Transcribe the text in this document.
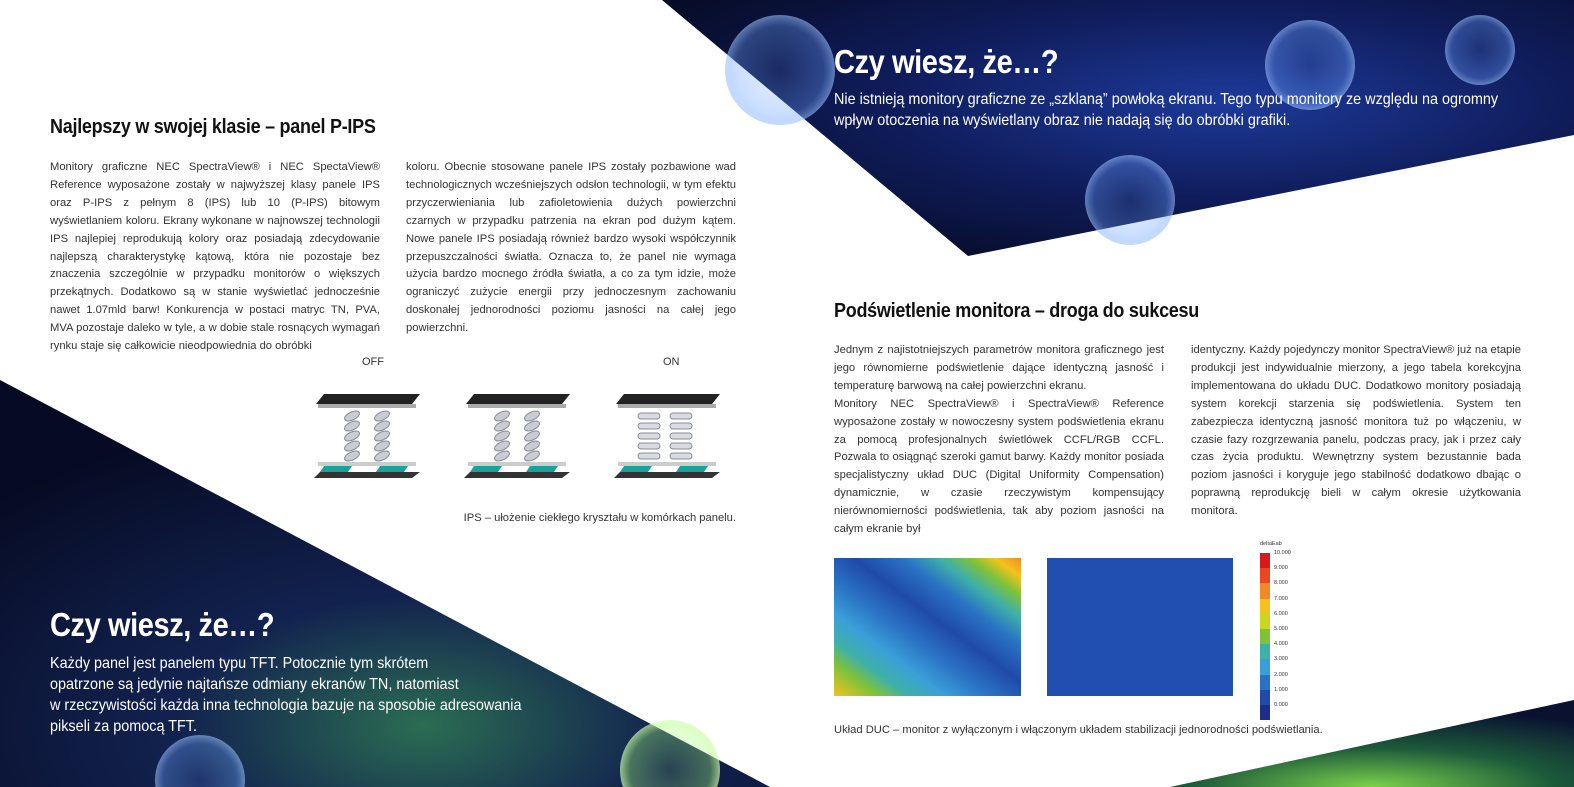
Najlepszy w swojej klasie – panel P-IPS
Monitory graficzne NEC SpectraView® i NEC SpectaView® Reference wyposażone zostały w najwyższej klasy panele IPS oraz P-IPS z pełnym 8 (IPS) lub 10 (P-IPS) bitowym wyświetlaniem koloru. Ekrany wykonane w najnowszej technologii IPS najlepiej reprodukują kolory oraz posiadają zdecydowanie najlepszą charakterystykę kątową, która nie pozostaje bez znaczenia szczególnie w przypadku monitorów o większych przekątnych. Dodatkowo są w stanie wyświetlać jednocześnie nawet 1.07mld barw! Konkurencja w postaci matryc TN, PVA, MVA pozostaje daleko w tyle, a w dobie stale rosnących wymagań rynku staje się całkowicie nieodpowiednia do obróbki
koloru. Obecnie stosowane panele IPS zostały pozbawione wad technologicznych wcześniejszych odsłon technologii, w tym efektu przyczerwieniania lub zafioletowienia dużych powierzchni czarnych w przypadku patrzenia na ekran pod dużym kątem. Nowe panele IPS posiadają również bardzo wysoki współczynnik przepuszczalności światła. Oznacza to, że panel nie wymaga użycia bardzo mocnego źródła światła, a co za tym idzie, może ograniczyć zużycie energii przy jednoczesnym zachowaniu doskonałej jednorodności poziomu jasności na całej jego powierzchni.
OFF	ON
IPS – ułożenie ciekłego kryształu w komórkach panelu.
Czy wiesz, że…?
Każdy panel jest panelem typu TFT. Potocznie tym skrótem
opatrzone są jedynie najtańsze odmiany ekranów TN, natomiast
w rzeczywistości każda inna technologia bazuje na sposobie adresowania
pikseli za pomocą TFT.
Czy wiesz, że…?
Nie istnieją monitory graficzne ze „szklaną” powłoką ekranu. Tego typu monitory ze względu na ogromny
wpływ otoczenia na wyświetlany obraz nie nadają się do obróbki grafiki.
Podświetlenie monitora – droga do sukcesu
Jednym z najistotniejszych parametrów monitora graficznego jest jego równomierne podświetlenie dające identyczną jasność i temperaturę barwową na całej powierzchni ekranu.
Monitory NEC SpectraView® i SpectraView® Reference wyposażone zostały w nowoczesny system podświetlenia ekranu za pomocą profesjonalnych świetlówek CCFL/RGB CCFL. Pozwala to osiągnąć szeroki gamut barwy. Każdy monitor posiada specjalistyczny układ DUC (Digital Uniformity Compensation) dynamicznie, w czasie rzeczywistym kompensujący nierównomierności podświetlenia, tak aby poziom jasności na całym ekranie był
identyczny. Każdy pojedynczy monitor SpectraView® już na etapie produkcji jest indywidualnie mierzony, a jego tabela korekcyjna implementowana do układu DUC. Dodatkowo monitory posiadają system korekcji starzenia się podświetlenia. System ten zabezpiecza identyczną jasność monitora tuż po włączeniu, w czasie fazy rozgrzewania panelu, podczas pracy, jak i przez cały czas życia produktu. Wewnętrzny system bezustannie bada poziom jasności i koryguje jego stabilność dodatkowo dbając o poprawną reprodukcję bieli w całym okresie użytkowania monitora.
deltaEab
10.000
9.000
8.000
7.000
6.000
5.000
4.000
3.000
2.000
1.000
0.000
Układ DUC – monitor z wyłączonym i włączonym układem stabilizacji jednorodności podświetlania.
